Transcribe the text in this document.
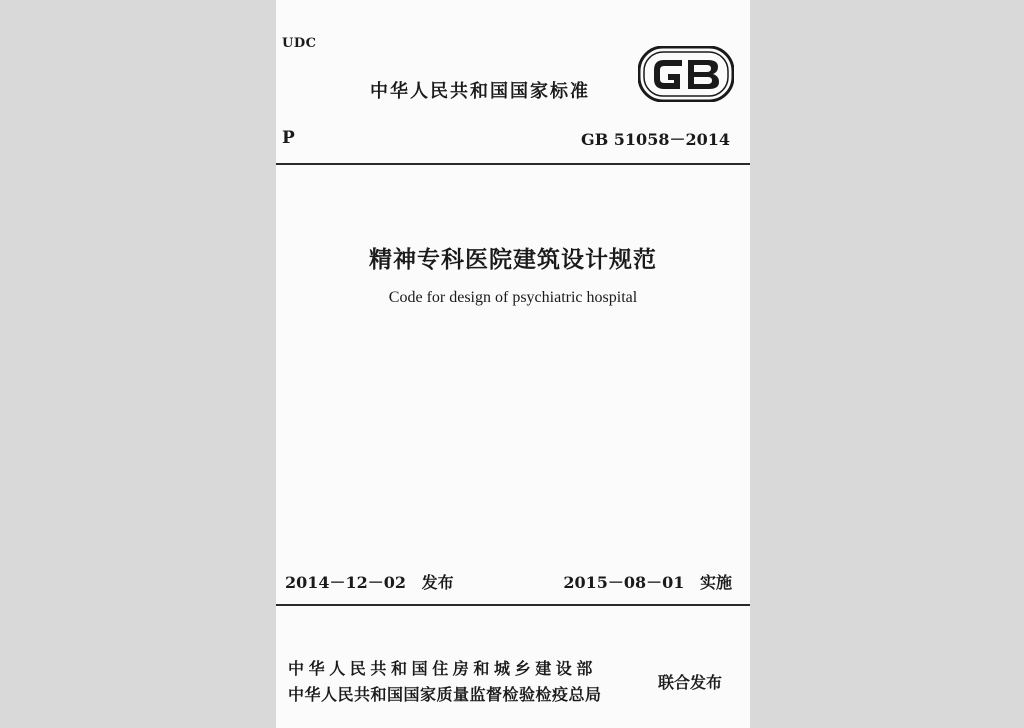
UDC
中华人民共和国国家标准
P	GB 51058－2014
精神专科医院建筑设计规范
Code for design of psychiatric hospital
2014－12－02 发布	2015－08－01 实施
中华人民共和国住房和城乡建设部
中华人民共和国国家质量监督检验检疫总局
联合发布
